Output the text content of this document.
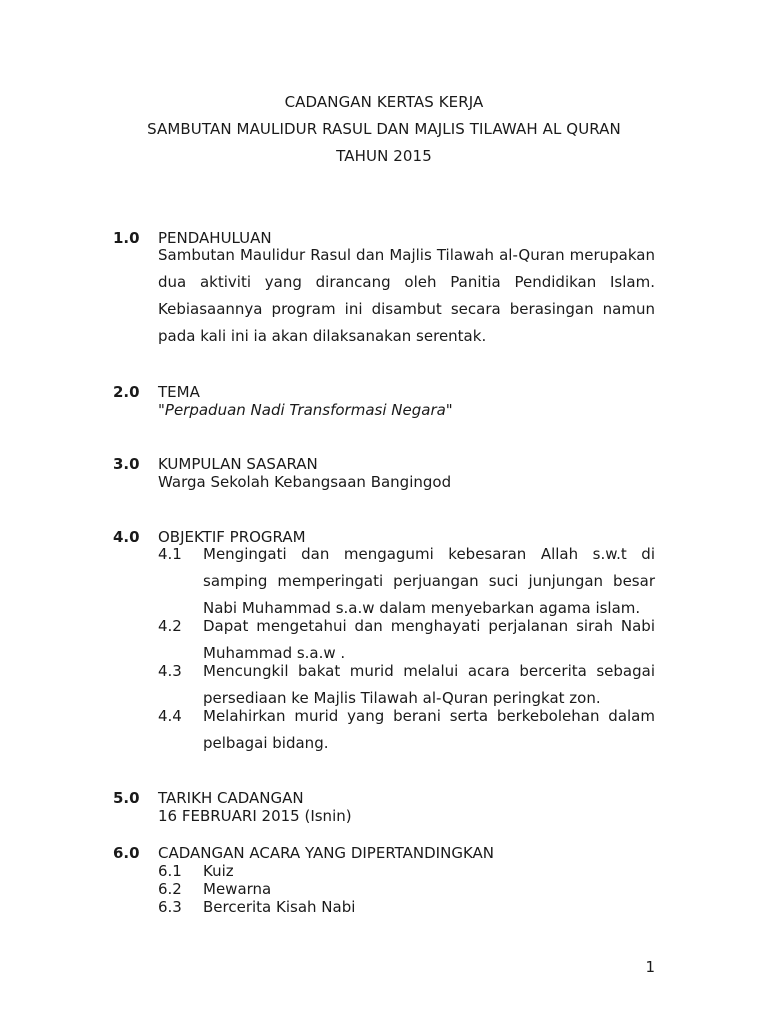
CADANGAN KERTAS KERJA
SAMBUTAN MAULIDUR RASUL DAN MAJLIS TILAWAH AL QURAN
TAHUN 2015
1.0 PENDAHULUAN
Sambutan Maulidur Rasul dan Majlis Tilawah al-Quran merupakan dua aktiviti yang dirancang oleh Panitia Pendidikan Islam. Kebiasaannya program ini disambut secara berasingan namun pada kali ini ia akan dilaksanakan serentak.
2.0 TEMA
"Perpaduan Nadi Transformasi Negara"
3.0 KUMPULAN SASARAN
Warga Sekolah Kebangsaan Bangingod
4.0 OBJEKTIF PROGRAM
4.1 Mengingati dan mengagumi kebesaran Allah s.w.t di samping memperingati perjuangan suci junjungan besar Nabi Muhammad s.a.w dalam menyebarkan agama islam.
4.2 Dapat mengetahui dan menghayati perjalanan sirah Nabi Muhammad s.a.w .
4.3 Mencungkil bakat murid melalui acara bercerita sebagai persediaan ke Majlis Tilawah al-Quran peringkat zon.
4.4 Melahirkan murid yang berani serta berkebolehan dalam pelbagai bidang.
5.0 TARIKH CADANGAN
16 FEBRUARI 2015 (Isnin)
6.0 CADANGAN ACARA YANG DIPERTANDINGKAN
6.1 Kuiz
6.2 Mewarna
6.3 Bercerita Kisah Nabi
1
